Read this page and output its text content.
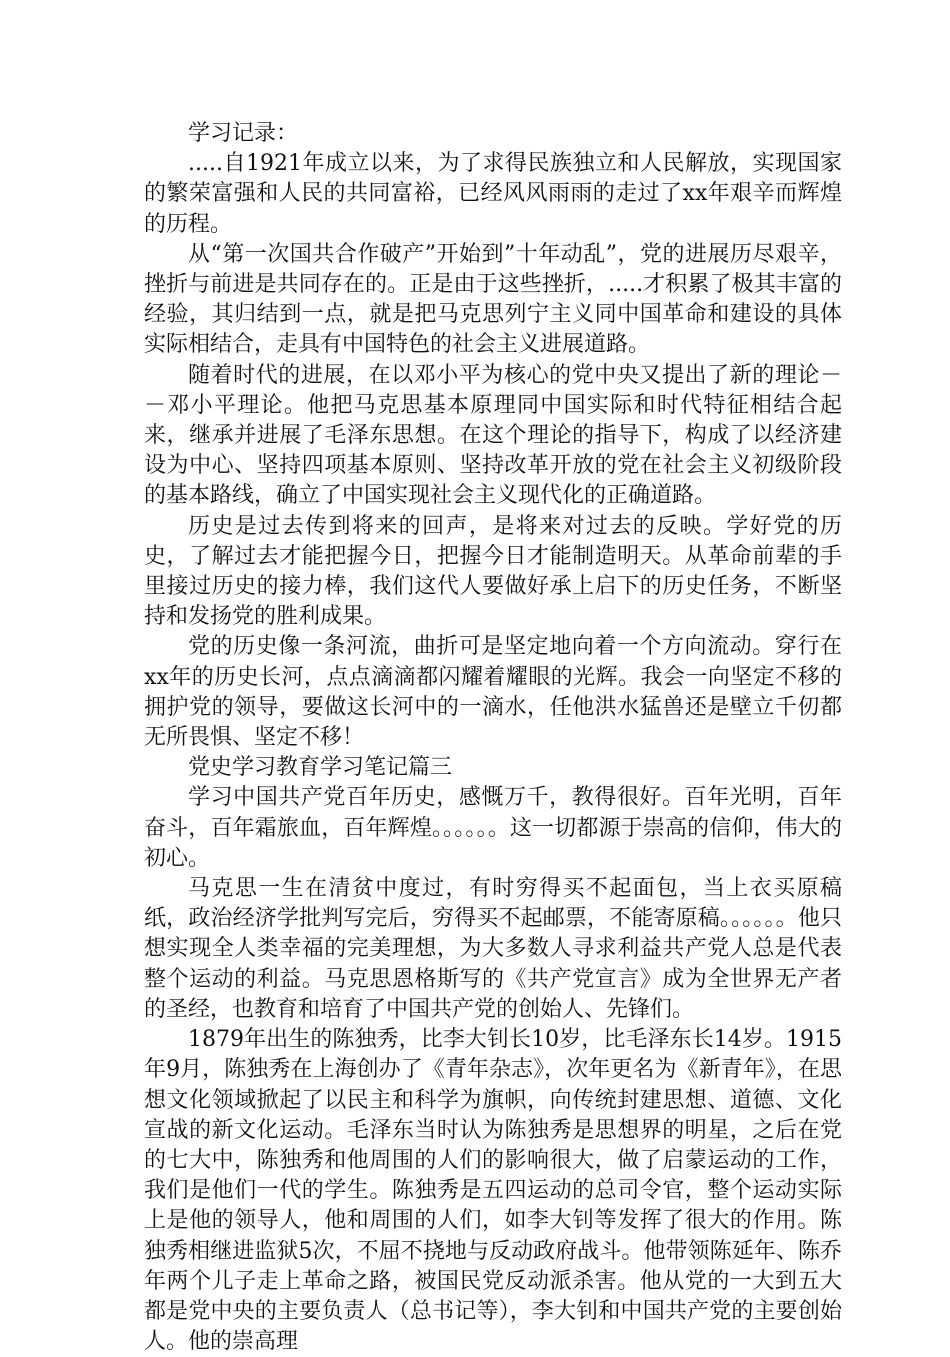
学习记录：

.....自1921年成立以来，为了求得民族独立和人民解放，实现国家的繁荣富强和人民的共同富裕，已经风风雨雨的走过了xx年艰辛而辉煌的历程。

从“第一次国共合作破产”开始到”十年动乱”，党的进展历尽艰辛，挫折与前进是共同存在的。正是由于这些挫折，.....才积累了极其丰富的经验，其归结到一点，就是把马克思列宁主义同中国革命和建设的具体实际相结合，走具有中国特色的社会主义进展道路。

随着时代的进展，在以邓小平为核心的党中央又提出了新的理论－－邓小平理论。他把马克思基本原理同中国实际和时代特征相结合起来，继承并进展了毛泽东思想。在这个理论的指导下，构成了以经济建设为中心、坚持四项基本原则、坚持改革开放的党在社会主义初级阶段的基本路线，确立了中国实现社会主义现代化的正确道路。

历史是过去传到将来的回声，是将来对过去的反映。学好党的历史，了解过去才能把握今日，把握今日才能制造明天。从革命前辈的手里接过历史的接力棒，我们这代人要做好承上启下的历史任务，不断坚持和发扬党的胜利成果。

党的历史像一条河流，曲折可是坚定地向着一个方向流动。穿行在xx年的历史长河，点点滴滴都闪耀着耀眼的光辉。我会一向坚定不移的拥护党的领导，要做这长河中的一滴水，任他洪水猛兽还是壁立千仞都无所畏惧、坚定不移！

党史学习教育学习笔记篇三

学习中国共产党百年历史，感慨万千，教得很好。百年光明，百年奋斗，百年霜旅血，百年辉煌。。。。。。这一切都源于崇高的信仰，伟大的初心。

马克思一生在清贫中度过，有时穷得买不起面包，当上衣买原稿纸，政治经济学批判写完后，穷得买不起邮票，不能寄原稿。。。。。。他只想实现全人类幸福的完美理想，为大多数人寻求利益共产党人总是代表整个运动的利益。马克思恩格斯写的《共产党宣言》成为全世界无产者的圣经，也教育和培育了中国共产党的创始人、先锋们。

1879年出生的陈独秀，比李大钊长10岁，比毛泽东长14岁。1915年9月，陈独秀在上海创办了《青年杂志》，次年更名为《新青年》，在思想文化领域掀起了以民主和科学为旗帜，向传统封建思想、道德、文化宣战的新文化运动。毛泽东当时认为陈独秀是思想界的明星，之后在党的七大中，陈独秀和他周围的人们的影响很大，做了启蒙运动的工作，我们是他们一代的学生。陈独秀是五四运动的总司令官，整个运动实际上是他的领导人，他和周围的人们，如李大钊等发挥了很大的作用。陈独秀相继进监狱5次，不屈不挠地与反动政府战斗。他带领陈延年、陈乔年两个儿子走上革命之路，被国民党反动派杀害。他从党的一大到五大都是党中央的主要负责人（总书记等），李大钊和中国共产党的主要创始人。他的崇高理
